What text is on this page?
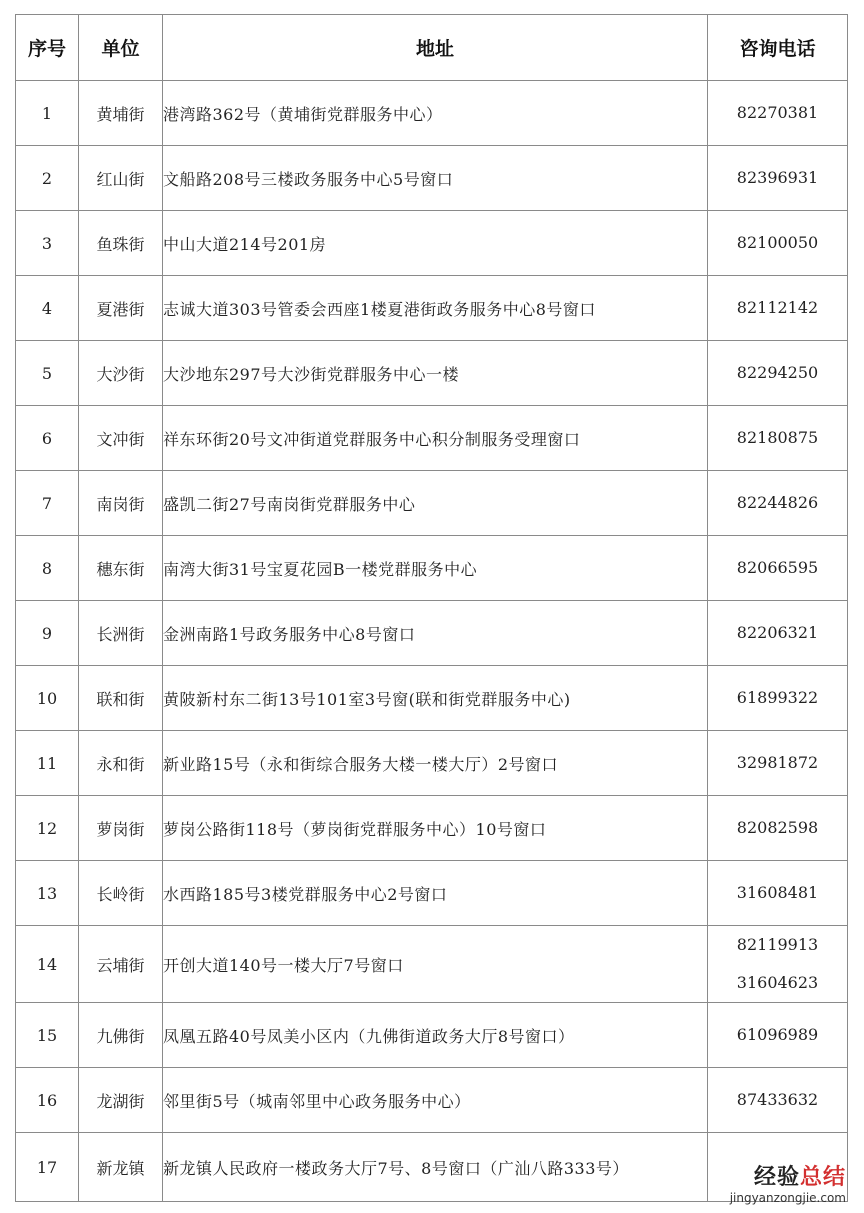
序号	单位	地址	咨询电话
1	黄埔街	港湾路362号（黄埔街党群服务中心）	82270381

2	红山街	文船路208号三楼政务服务中心5号窗口	82396931

3	鱼珠街	中山大道214号201房	82100050

4	夏港街	志诚大道303号管委会西座1楼夏港街政务服务中心8号窗口	82112142

5	大沙街	大沙地东297号大沙街党群服务中心一楼	82294250

6	文冲街	祥东环街20号文冲街道党群服务中心积分制服务受理窗口	82180875

7	南岗街	盛凯二街27号南岗街党群服务中心	82244826

8	穗东街	南湾大街31号宝夏花园B一楼党群服务中心	82066595

9	长洲街	金洲南路1号政务服务中心8号窗口	82206321

10	联和街	黄陂新村东二街13号101室3号窗(联和街党群服务中心)	61899322

11	永和街	新业路15号（永和街综合服务大楼一楼大厅）2号窗口	32981872

12	萝岗街	萝岗公路街118号（萝岗街党群服务中心）10号窗口	82082598

13	长岭街	水西路185号3楼党群服务中心2号窗口	31608481

14	云埔街	开创大道140号一楼大厅7号窗口	82119913
31604623

15	九佛街	凤凰五路40号凤美小区内（九佛街道政务大厅8号窗口）	61096989

16	龙湖街	邻里街5号（城南邻里中心政务服务中心）	87433632

17	新龙镇	新龙镇人民政府一楼政务大厅7号、8号窗口（广汕八路333号）		经验总结
jingyanzongjie.com
